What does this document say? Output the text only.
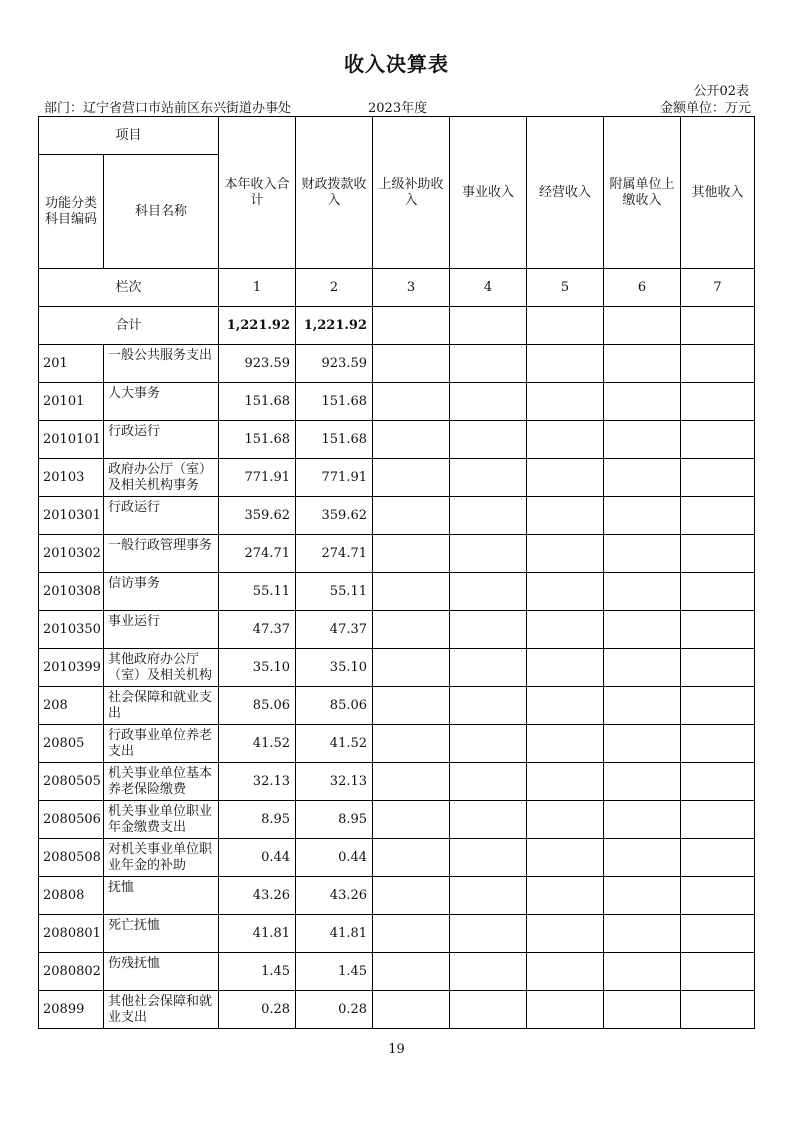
收入决算表
公开02表
部门：辽宁省营口市站前区东兴街道办事处	2023年度	金额单位：万元
项目		本年收入合计	财政拨款收入	上级补助收入	事业收入	经营收入	附属单位上缴收入	其他收入
功能分类科目编码	科目名称							
栏次		1	2	3	4	5	6	7
合计		1,221.92	1,221.92					
201	一般公共服务支出	923.59	923.59					
20101	人大事务	151.68	151.68					
2010101	行政运行	151.68	151.68					
20103	政府办公厅（室）及相关机构事务	771.91	771.91					
2010301	行政运行	359.62	359.62					
2010302	一般行政管理事务	274.71	274.71					
2010308	信访事务	55.11	55.11					
2010350	事业运行	47.37	47.37					
2010399	其他政府办公厅（室）及相关机构	35.10	35.10					
208	社会保障和就业支出	85.06	85.06					
20805	行政事业单位养老支出	41.52	41.52					
2080505	机关事业单位基本养老保险缴费	32.13	32.13					
2080506	机关事业单位职业年金缴费支出	8.95	8.95					
2080508	对机关事业单位职业年金的补助	0.44	0.44					
20808	抚恤	43.26	43.26					
2080801	死亡抚恤	41.81	41.81					
2080802	伤残抚恤	1.45	1.45					
20899	其他社会保障和就业支出	0.28	0.28					
19
